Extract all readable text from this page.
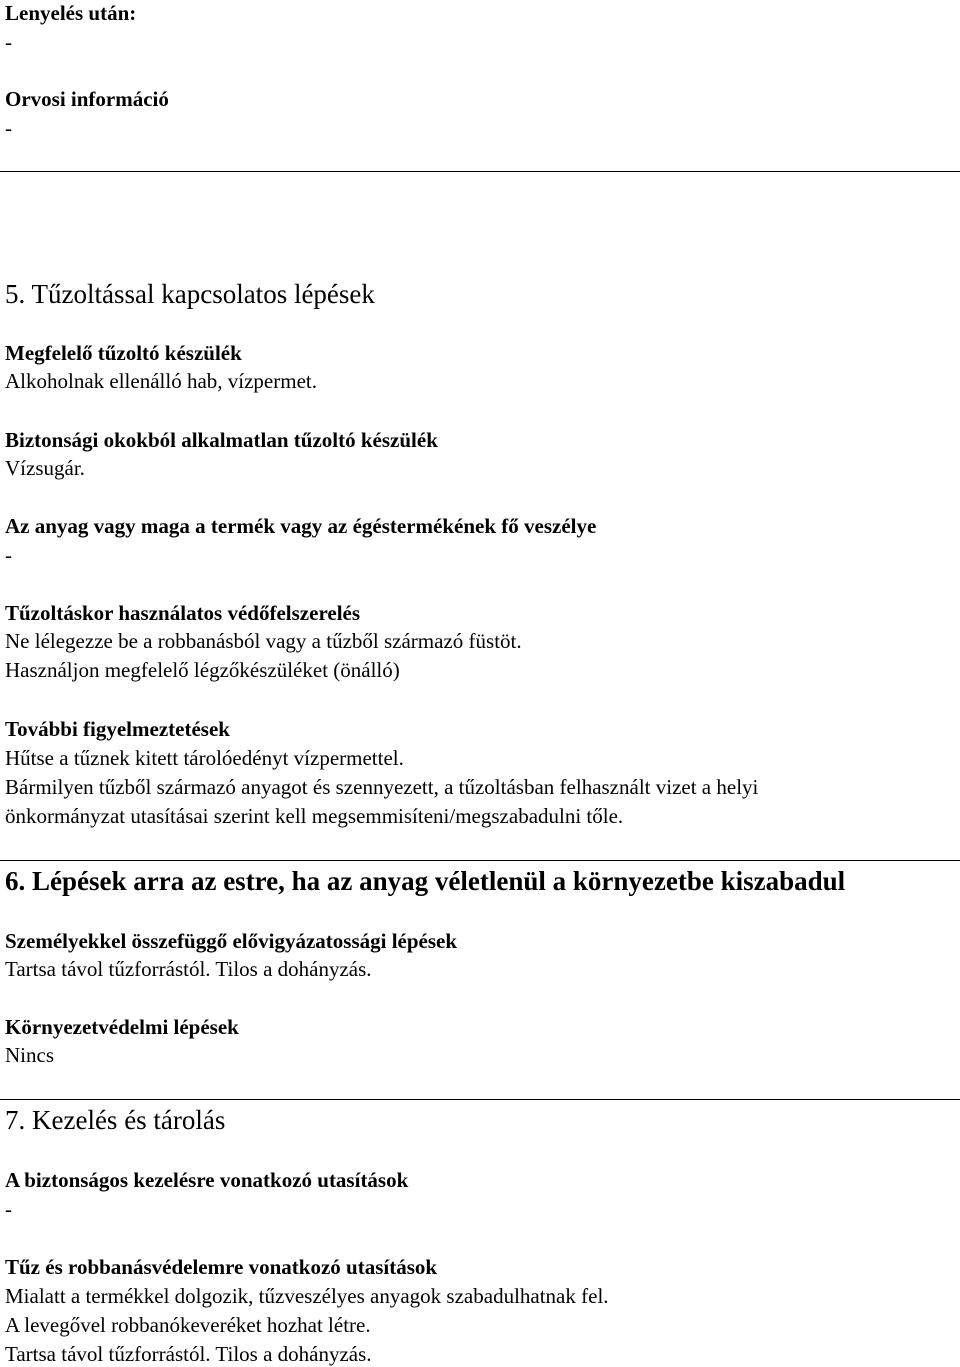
Lenyelés után:
-
Orvosi információ
-
5. Tűzoltással kapcsolatos lépések
Megfelelő tűzoltó készülék
Alkoholnak ellenálló hab, vízpermet.
Biztonsági okokból alkalmatlan tűzoltó készülék
Vízsugár.
Az anyag vagy maga a termék vagy az égéstermékének fő veszélye
-
Tűzoltáskor használatos védőfelszerelés
Ne lélegezze be a robbanásból vagy a tűzből származó füstöt.
Használjon megfelelő légzőkészüléket (önálló)
További figyelmeztetések
Hűtse a tűznek kitett tárolóedényt vízpermettel.
Bármilyen tűzből származó anyagot és szennyezett, a tűzoltásban felhasznált vizet a helyi
önkormányzat utasításai szerint kell megsemmisíteni/megszabadulni tőle.
6. Lépések arra az estre, ha az anyag véletlenül a környezetbe kiszabadul
Személyekkel összefüggő elővigyázatossági lépések
Tartsa távol tűzforrástól. Tilos a dohányzás.
Környezetvédelmi lépések
Nincs
7. Kezelés és tárolás
A biztonságos kezelésre vonatkozó utasítások
-
Tűz és robbanásvédelemre vonatkozó utasítások
Mialatt a termékkel dolgozik, tűzveszélyes anyagok szabadulhatnak fel.
A levegővel robbanókeveréket hozhat létre.
Tartsa távol tűzforrástól. Tilos a dohányzás.
